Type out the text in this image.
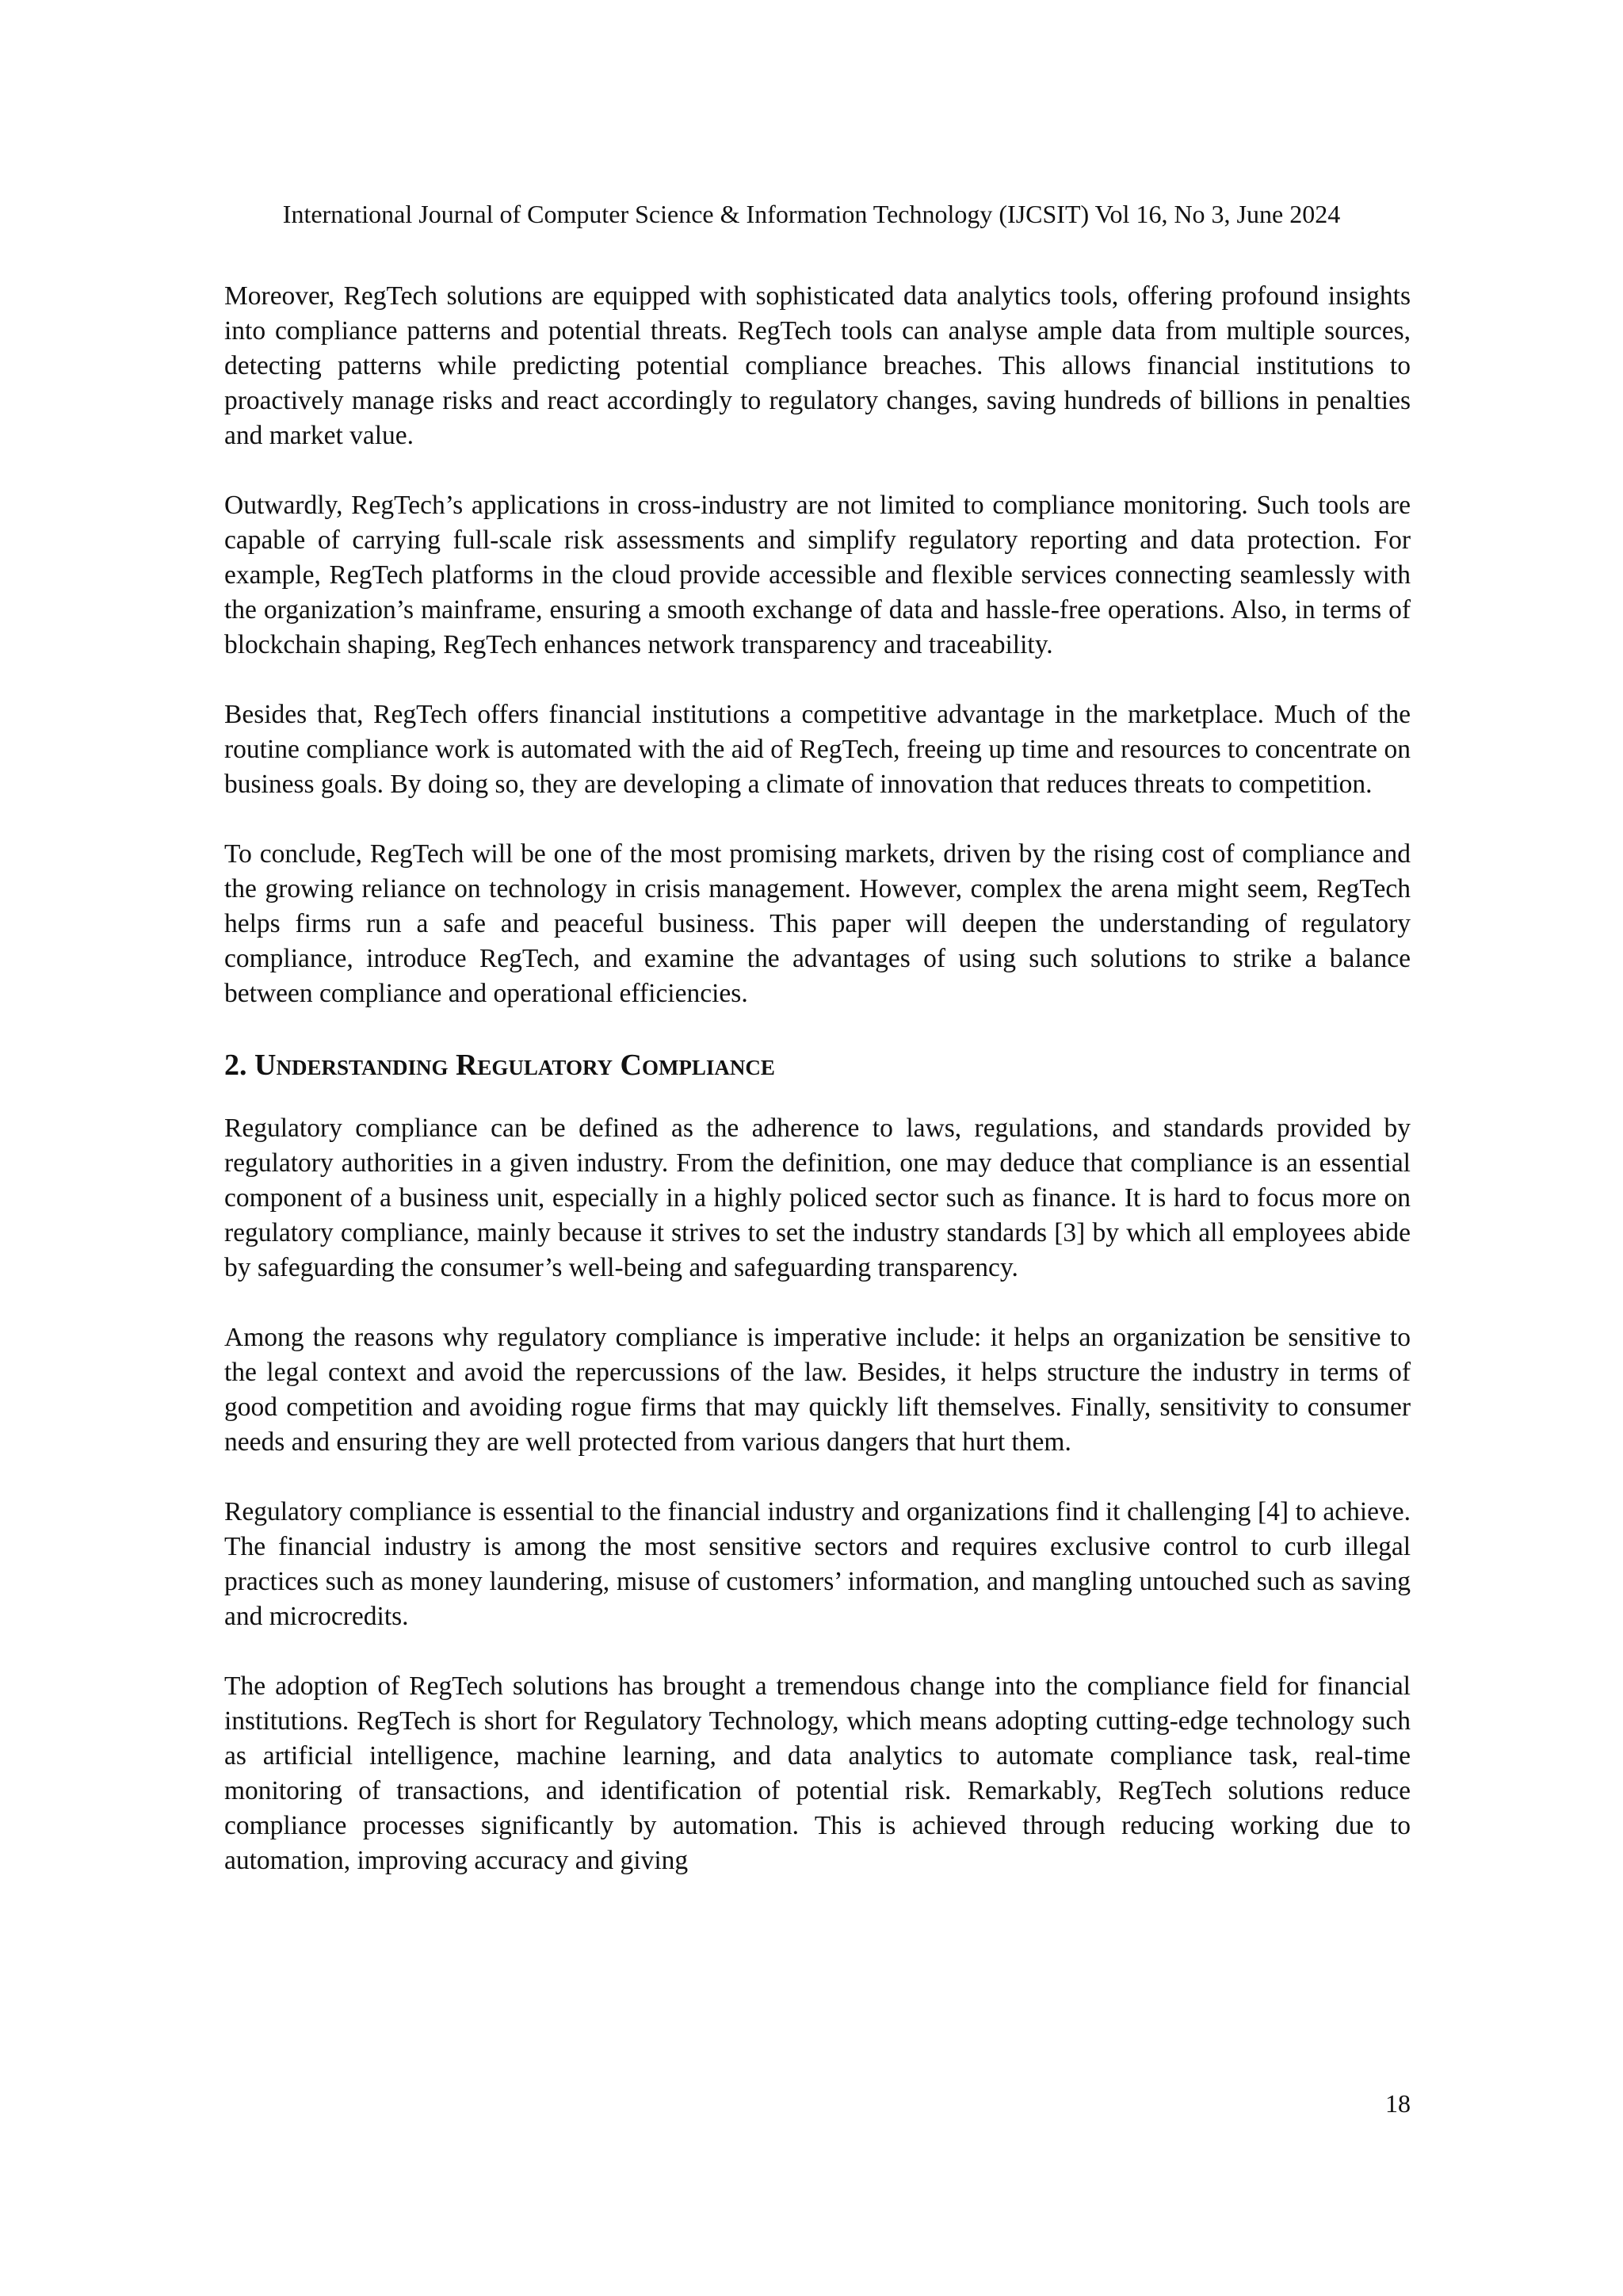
International Journal of Computer Science & Information Technology (IJCSIT) Vol 16, No 3, June 2024

Moreover, RegTech solutions are equipped with sophisticated data analytics tools, offering profound insights into compliance patterns and potential threats. RegTech tools can analyse ample data from multiple sources, detecting patterns while predicting potential compliance breaches. This allows financial institutions to proactively manage risks and react accordingly to regulatory changes, saving hundreds of billions in penalties and market value.

Outwardly, RegTech’s applications in cross-industry are not limited to compliance monitoring. Such tools are capable of carrying full-scale risk assessments and simplify regulatory reporting and data protection. For example, RegTech platforms in the cloud provide accessible and flexible services connecting seamlessly with the organization’s mainframe, ensuring a smooth exchange of data and hassle-free operations. Also, in terms of blockchain shaping, RegTech enhances network transparency and traceability.

Besides that, RegTech offers financial institutions a competitive advantage in the marketplace. Much of the routine compliance work is automated with the aid of RegTech, freeing up time and resources to concentrate on business goals. By doing so, they are developing a climate of innovation that reduces threats to competition.

To conclude, RegTech will be one of the most promising markets, driven by the rising cost of compliance and the growing reliance on technology in crisis management. However, complex the arena might seem, RegTech helps firms run a safe and peaceful business. This paper will deepen the understanding of regulatory compliance, introduce RegTech, and examine the advantages of using such solutions to strike a balance between compliance and operational efficiencies.

2. Understanding Regulatory Compliance

Regulatory compliance can be defined as the adherence to laws, regulations, and standards provided by regulatory authorities in a given industry. From the definition, one may deduce that compliance is an essential component of a business unit, especially in a highly policed sector such as finance. It is hard to focus more on regulatory compliance, mainly because it strives to set the industry standards [3] by which all employees abide by safeguarding the consumer’s well-being and safeguarding transparency.

Among the reasons why regulatory compliance is imperative include: it helps an organization be sensitive to the legal context and avoid the repercussions of the law. Besides, it helps structure the industry in terms of good competition and avoiding rogue firms that may quickly lift themselves. Finally, sensitivity to consumer needs and ensuring they are well protected from various dangers that hurt them.

Regulatory compliance is essential to the financial industry and organizations find it challenging [4] to achieve. The financial industry is among the most sensitive sectors and requires exclusive control to curb illegal practices such as money laundering, misuse of customers’ information, and mangling untouched such as saving and microcredits.

The adoption of RegTech solutions has brought a tremendous change into the compliance field for financial institutions. RegTech is short for Regulatory Technology, which means adopting cutting-edge technology such as artificial intelligence, machine learning, and data analytics to automate compliance task, real-time monitoring of transactions, and identification of potential risk. Remarkably, RegTech solutions reduce compliance processes significantly by automation. This is achieved through reducing working due to automation, improving accuracy and giving

18
